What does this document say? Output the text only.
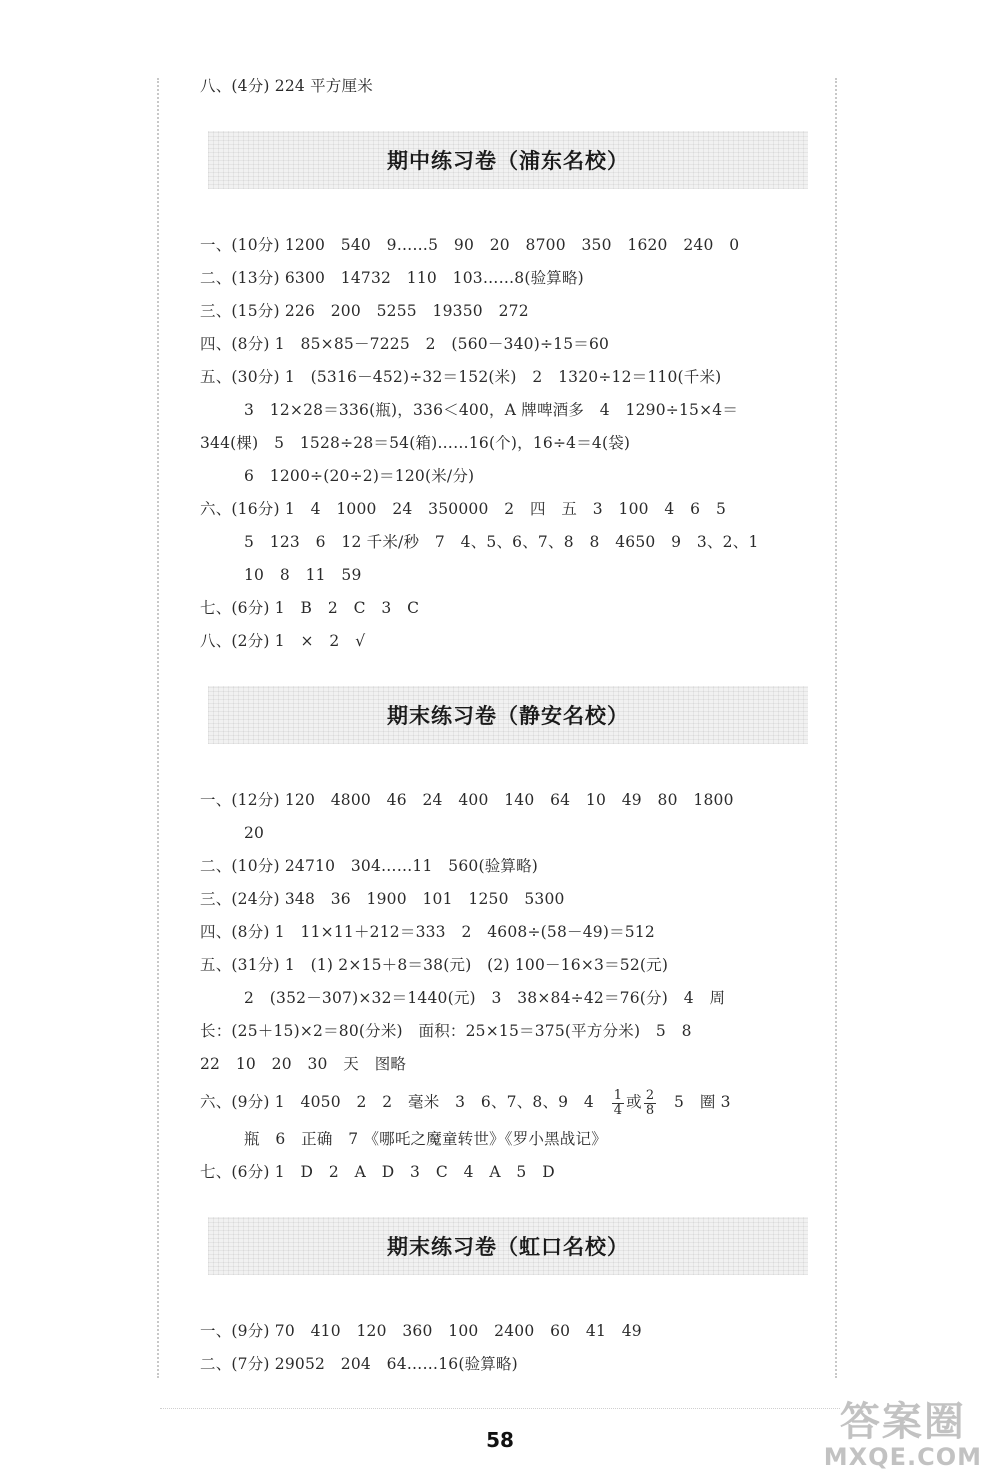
八、(4分) 224 平方厘米
期中练习卷（浦东名校）
一、(10分) 1200　540　9……5　90　20　8700　350　1620　240　0
二、(13分) 6300　14732　110　103……8(验算略)
三、(15分) 226　200　5255　19350　272
四、(8分) 1　85×85－7225　2　(560－340)÷15＝60
五、(30分) 1　(5316－452)÷32＝152(米)　2　1320÷12＝110(千米)
3　12×28＝336(瓶)，336＜400，A 牌啤酒多　4　1290÷15×4＝
344(棵)　5　1528÷28＝54(箱)……16(个)，16÷4＝4(袋)
6　1200÷(20÷2)＝120(米/分)
六、(16分) 1　4　1000　24　350000　2　四　五　3　100　4　6　5
5　123　6　12 千米/秒　7　4、5、6、7、8　8　4650　9　3、2、1
10　8　11　59
七、(6分) 1　B　2　C　3　C
八、(2分) 1　×　2　√
期末练习卷（静安名校）
一、(12分) 120　4800　46　24　400　140　64　10　49　80　1800
20
二、(10分) 24710　304……11　560(验算略)
三、(24分) 348　36　1900　101　1250　5300
四、(8分) 1　11×11＋212＝333　2　4608÷(58－49)＝512
五、(31分) 1　(1) 2×15＋8＝38(元)　(2) 100－16×3＝52(元)
2　(352－307)×32＝1440(元)　3　38×84÷42＝76(分)　4　周
长：(25＋15)×2＝80(分米)　面积：25×15＝375(平方分米)　5　8
22　10　20　30　天　图略
六、(9分) 1　4050　2　2　毫米　3　6、7、8、9　4　 $\frac{1}{4}$ 或 $\frac{2}{8}$ 　5　圈 3
瓶　6　正确　7 《哪吒之魔童转世》《罗小黑战记》
七、(6分) 1　D　2　A　D　3　C　4　A　5　D
期末练习卷（虹口名校）
一、(9分) 70　410　120　360　100　2400　60　41　49
二、(7分) 29052　204　64……16(验算略)
58	答案圈
MXQE.COM
